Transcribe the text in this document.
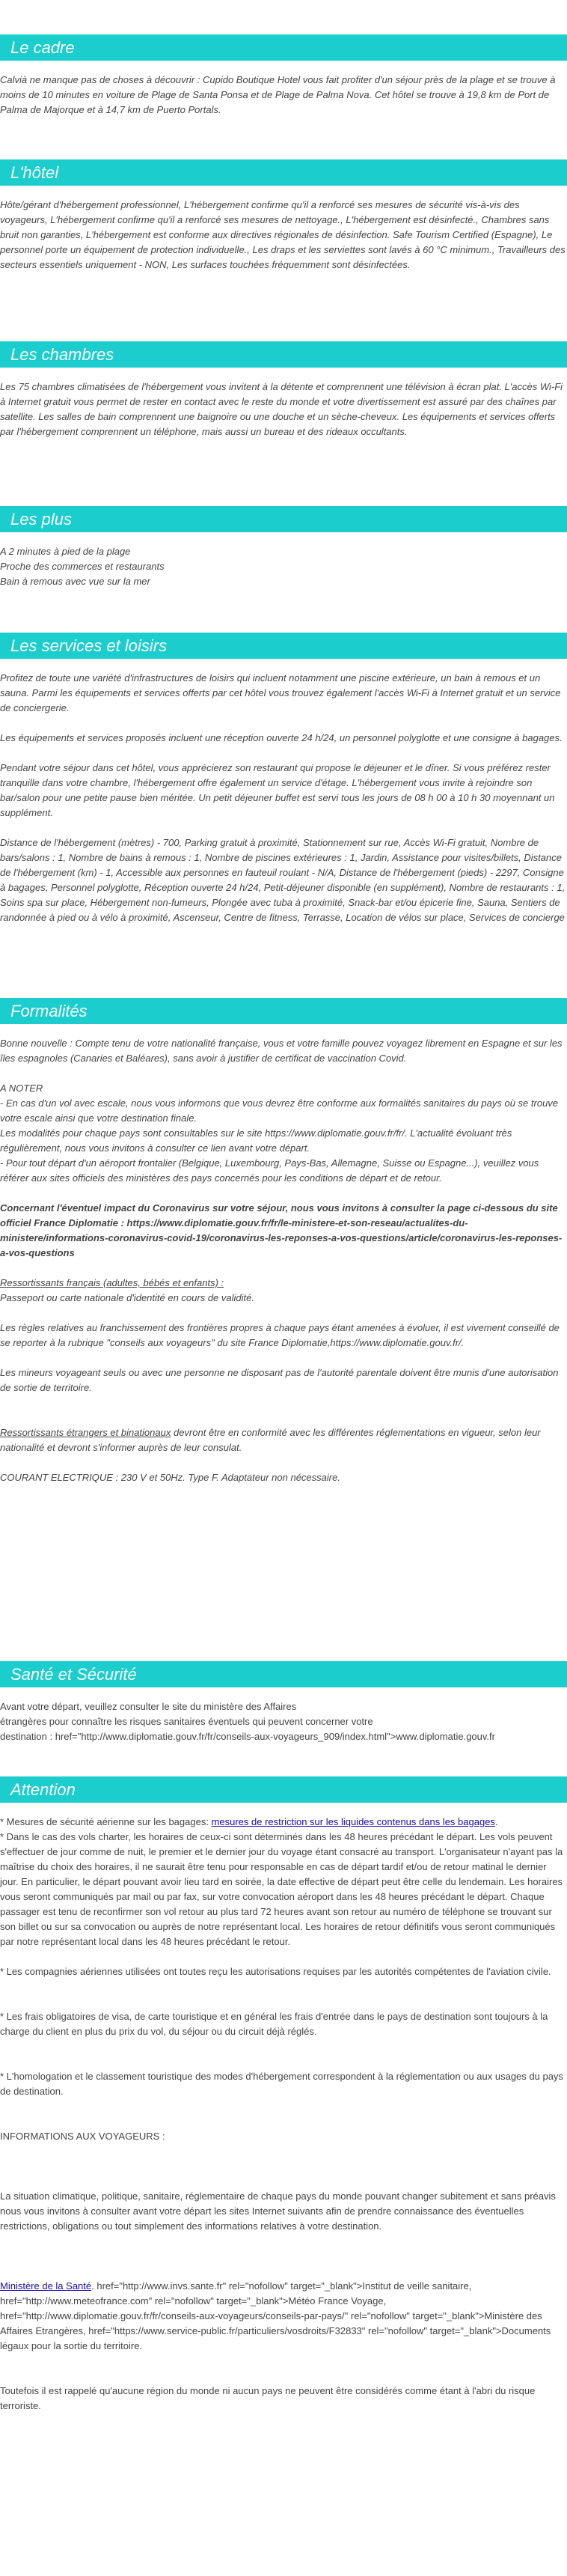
Le cadre
Calvià ne manque pas de choses à découvrir : Cupido Boutique Hotel vous fait profiter d'un séjour près de la plage et se trouve à moins de 10 minutes en voiture de Plage de Santa Ponsa et de Plage de Palma Nova. Cet hôtel se trouve à 19,8 km de Port de Palma de Majorque et à 14,7 km de Puerto Portals.
L'hôtel
Hôte/gérant d'hébergement professionnel, L'hébergement confirme qu'il a renforcé ses mesures de sécurité vis-à-vis des voyageurs, L'hébergement confirme qu'il a renforcé ses mesures de nettoyage., L'hébergement est désinfecté., Chambres sans bruit non garanties, L'hébergement est conforme aux directives régionales de désinfection. Safe Tourism Certified (Espagne), Le personnel porte un équipement de protection individuelle., Les draps et les serviettes sont lavés à 60 °C minimum., Travailleurs des secteurs essentiels uniquement - NON, Les surfaces touchées fréquemment sont désinfectées.
Les chambres
Les 75 chambres climatisées de l'hébergement vous invitent à la détente et comprennent une télévision à écran plat. L'accès Wi-Fi à Internet gratuit vous permet de rester en contact avec le reste du monde et votre divertissement est assuré par des chaînes par satellite. Les salles de bain comprennent une baignoire ou une douche et un sèche-cheveux. Les équipements et services offerts par l'hébergement comprennent un téléphone, mais aussi un bureau et des rideaux occultants.
Les plus
A 2 minutes à pied de la plage
Proche des commerces et restaurants
Bain à remous avec vue sur la mer
Les services et loisirs
Profitez de toute une variété d'infrastructures de loisirs qui incluent notamment une piscine extérieure, un bain à remous et un sauna. Parmi les équipements et services offerts par cet hôtel vous trouvez également l'accès Wi-Fi à Internet gratuit et un service de conciergerie.
Les équipements et services proposés incluent une réception ouverte 24 h/24, un personnel polyglotte et une consigne à bagages.
Pendant votre séjour dans cet hôtel, vous apprécierez son restaurant qui propose le déjeuner et le dîner. Si vous préférez rester tranquille dans votre chambre, l'hébergement offre également un service d'étage. L'hébergement vous invite à rejoindre son bar/salon pour une petite pause bien méritée. Un petit déjeuner buffet est servi tous les jours de 08 h 00 à 10 h 30 moyennant un supplément.
Distance de l'hébergement (mètres) - 700, Parking gratuit à proximité, Stationnement sur rue, Accès Wi-Fi gratuit, Nombre de bars/salons : 1, Nombre de bains à remous : 1, Nombre de piscines extérieures : 1, Jardin, Assistance pour visites/billets, Distance de l'hébergement (km) - 1, Accessible aux personnes en fauteuil roulant - N/A, Distance de l'hébergement (pieds) - 2297, Consigne à bagages, Personnel polyglotte, Réception ouverte 24 h/24, Petit-déjeuner disponible (en supplément), Nombre de restaurants : 1, Soins spa sur place, Hébergement non-fumeurs, Plongée avec tuba à proximité, Snack-bar et/ou épicerie fine, Sauna, Sentiers de randonnée à pied ou à vélo à proximité, Ascenseur, Centre de fitness, Terrasse, Location de vélos sur place, Services de concierge
Formalités
Bonne nouvelle : Compte tenu de votre nationalité française, vous et votre famille pouvez voyagez librement en Espagne et sur les îles espagnoles (Canaries et Baléares), sans avoir à justifier de certificat de vaccination Covid.
A NOTER
- En cas d'un vol avec escale, nous vous informons que vous devrez être conforme aux formalités sanitaires du pays où se trouve votre escale ainsi que votre destination finale.
Les modalités pour chaque pays sont consultables sur le site https://www.diplomatie.gouv.fr/fr/. L'actualité évoluant très régulièrement, nous vous invitons à consulter ce lien avant votre départ.
- Pour tout départ d'un aéroport frontalier (Belgique, Luxembourg, Pays-Bas, Allemagne, Suisse ou Espagne...), veuillez vous référer aux sites officiels des ministères des pays concernés pour les conditions de départ et de retour.
Concernant l'éventuel impact du Coronavirus sur votre séjour, nous vous invitons à consulter la page ci-dessous du site officiel France Diplomatie : https://www.diplomatie.gouv.fr/fr/le-ministere-et-son-reseau/actualites-du-ministere/informations-coronavirus-covid-19/coronavirus-les-reponses-a-vos-questions/article/coronavirus-les-reponses-a-vos-questions
Ressortissants français (adultes, bébés et enfants) :
Passeport ou carte nationale d'identité en cours de validité.
Les règles relatives au franchissement des frontières propres à chaque pays étant amenées à évoluer, il est vivement conseillé de se reporter à la rubrique "conseils aux voyageurs" du site France Diplomatie,https://www.diplomatie.gouv.fr/.
Les mineurs voyageant seuls ou avec une personne ne disposant pas de l'autorité parentale doivent être munis d'une autorisation de sortie de territoire.

Ressortissants étrangers et binationaux devront être en conformité avec les différentes réglementations en vigueur, selon leur nationalité et devront s'informer auprès de leur consulat.

COURANT ELECTRIQUE : 230 V et 50Hz. Type F. Adaptateur non nécessaire.
Santé et Sécurité
Avant votre départ, veuillez consulter le site du ministère des Affaires
étrangères pour connaître les risques sanitaires éventuels qui peuvent concerner votre
destination : href="http://www.diplomatie.gouv.fr/fr/conseils-aux-voyageurs_909/index.html">www.diplomatie.gouv.fr
Attention
* Mesures de sécurité aérienne sur les bagages: mesures de restriction sur les liquides contenus dans les bagages.
* Dans le cas des vols charter, les horaires de ceux-ci sont déterminés dans les 48 heures précédant le départ. Les vols peuvent s'effectuer de jour comme de nuit, le premier et le dernier jour du voyage étant consacré au transport. L'organisateur n'ayant pas la maîtrise du choix des horaires, il ne saurait être tenu pour responsable en cas de départ tardif et/ou de retour matinal le dernier jour. En particulier, le départ pouvant avoir lieu tard en soirée, la date effective de départ peut être celle du lendemain. Les horaires vous seront communiqués par mail ou par fax, sur votre convocation aéroport dans les 48 heures précédant le départ. Chaque passager est tenu de reconfirmer son vol retour au plus tard 72 heures avant son retour au numéro de téléphone se trouvant sur son billet ou sur sa convocation ou auprès de notre représentant local. Les horaires de retour définitifs vous seront communiqués par notre représentant local dans les 48 heures précédant le retour.
* Les compagnies aériennes utilisées ont toutes reçu les autorisations requises par les autorités compétentes de l'aviation civile.
* Les frais obligatoires de visa, de carte touristique et en général les frais d'entrée dans le pays de destination sont toujours à la charge du client en plus du prix du vol, du séjour ou du circuit déjà réglés.
* L'homologation et le classement touristique des modes d'hébergement correspondent à la réglementation ou aux usages du pays de destination.
INFORMATIONS AUX VOYAGEURS :
La situation climatique, politique, sanitaire, réglementaire de chaque pays du monde pouvant changer subitement et sans préavis
nous vous invitons à consulter avant votre départ les sites Internet suivants afin de prendre connaissance des éventuelles restrictions, obligations ou tout simplement des informations relatives à votre destination.

Ministère de la Santé. href="http://www.invs.sante.fr" rel="nofollow" target="_blank">Institut de veille sanitaire, href="http://www.meteofrance.com" rel="nofollow" target="_blank">Météo France Voyage, href="http://www.diplomatie.gouv.fr/fr/conseils-aux-voyageurs/conseils-par-pays/" rel="nofollow" target="_blank">Ministère des Affaires Etrangères, href="https://www.service-public.fr/particuliers/vosdroits/F32833" rel="nofollow" target="_blank">Documents légaux pour la sortie du territoire.

Toutefois il est rappelé qu'aucune région du monde ni aucun pays ne peuvent être considérés comme étant à l'abri du risque terroriste.
